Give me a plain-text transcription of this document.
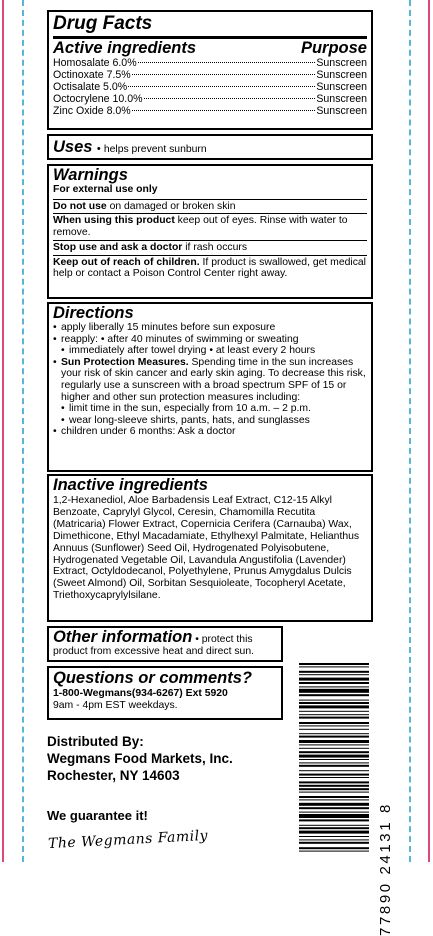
Drug Facts
Active ingredients	Purpose
Homosalate 6.0%	Sunscreen
Octinoxate 7.5%	Sunscreen
Octisalate 5.0%	Sunscreen
Octocrylene 10.0%	Sunscreen
Zinc Oxide 8.0%	Sunscreen
Uses • helps prevent sunburn
Warnings
For external use only
Do not use on damaged or broken skin
When using this product keep out of eyes. Rinse with water to remove.
Stop use and ask a doctor if rash occurs
Keep out of reach of children. If product is swallowed, get medical help or contact a Poison Control Center right away.
Directions
• apply liberally 15 minutes before sun exposure
• reapply: • after 40 minutes of swimming or sweating
• immediately after towel drying • at least every 2 hours
• Sun Protection Measures. Spending time in the sun increases your risk of skin cancer and early skin aging. To decrease this risk, regularly use a sunscreen with a broad spectrum SPF of 15 or higher and other sun protection measures including:
• limit time in the sun, especially from 10 a.m. – 2 p.m.
• wear long-sleeve shirts, pants, hats, and sunglasses
• children under 6 months: Ask a doctor
Inactive ingredients
1,2-Hexanediol, Aloe Barbadensis Leaf Extract, C12-15 Alkyl Benzoate, Caprylyl Glycol, Ceresin, Chamomilla Recutita (Matricaria) Flower Extract, Copernicia Cerifera (Carnauba) Wax, Dimethicone, Ethyl Macadamiate, Ethylhexyl Palmitate, Helianthus Annuus (Sunflower) Seed Oil, Hydrogenated Polyisobutene, Hydrogenated Vegetable Oil, Lavandula Angustifolia (Lavender) Extract, Octyldodecanol, Polyethylene, Prunus Amygdalus Dulcis (Sweet Almond) Oil, Sorbitan Sesquioleate, Tocopheryl Acetate, Triethoxycaprylylsilane.
Other information • protect this product from excessive heat and direct sun.
Questions or comments?
1-800-Wegmans(934-6267) Ext 5920
9am - 4pm EST weekdays.
Distributed By:
Wegmans Food Markets, Inc.
Rochester, NY 14603
We guarantee it!
The Wegmans Family	77890 24131 8
